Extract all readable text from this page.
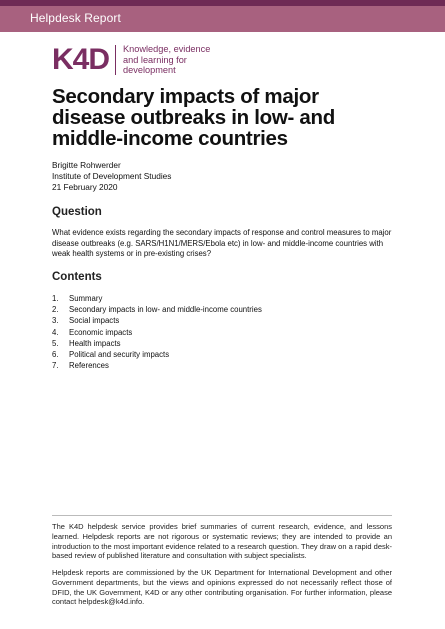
Helpdesk Report
K4D Knowledge, evidence
and learning for
development
Secondary impacts of major disease outbreaks in low- and middle-income countries
Brigitte Rohwerder
Institute of Development Studies
21 February 2020
Question

What evidence exists regarding the secondary impacts of response and control measures to major disease outbreaks (e.g. SARS/H1N1/MERS/Ebola etc) in low- and middle-income countries with weak health systems or in pre-existing crises?

Contents
1.	Summary
2.	Secondary impacts in low- and middle-income countries
3.	Social impacts
4.	Economic impacts
5.	Health impacts
6.	Political and security impacts
7.	References

The K4D helpdesk service provides brief summaries of current research, evidence, and lessons learned. Helpdesk reports are not rigorous or systematic reviews; they are intended to provide an introduction to the most important evidence related to a research question. They draw on a rapid desk-based review of published literature and consultation with subject specialists.

Helpdesk reports are commissioned by the UK Department for International Development and other Government departments, but the views and opinions expressed do not necessarily reflect those of DFID, the UK Government, K4D or any other contributing organisation. For further information, please contact helpdesk@k4d.info.
